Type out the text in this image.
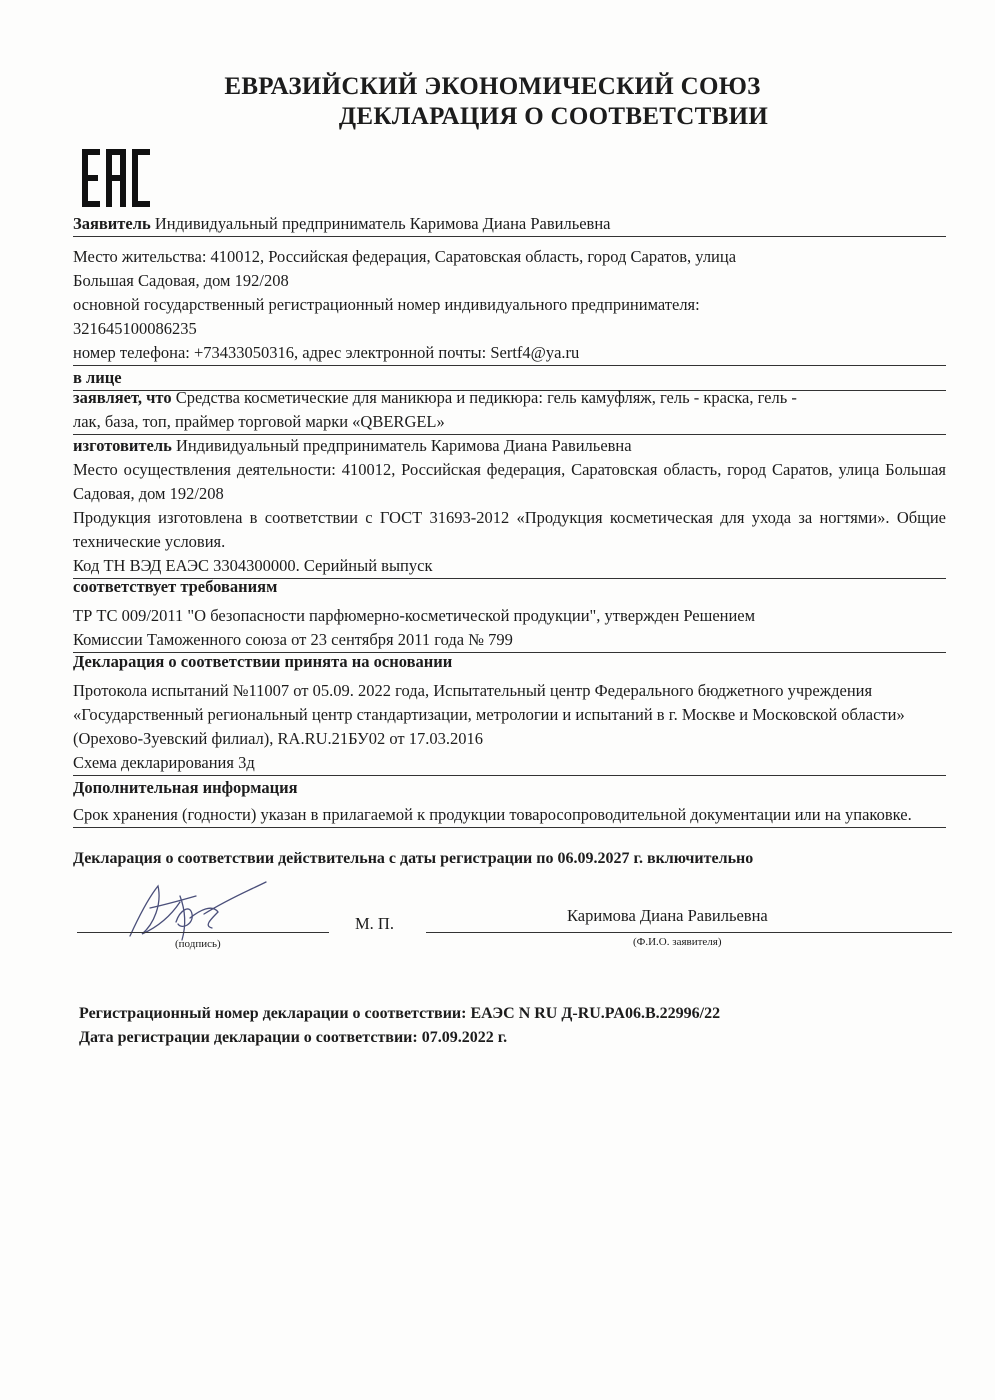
ЕВРАЗИЙСКИЙ ЭКОНОМИЧЕСКИЙ СОЮЗ
ДЕКЛАРАЦИЯ О СООТВЕТСТВИИ
Заявитель Индивидуальный предприниматель Каримова Диана Равильевна
Место жительства: 410012, Российская федерация, Саратовская область, город Саратов, улица
Большая Садовая, дом 192/208
основной государственный регистрационный номер индивидуального предпринимателя:
321645100086235
номер телефона: +73433050316, адрес электронной почты: Sertf4@ya.ru
в лице
заявляет, что Средства косметические для маникюра и педикюра: гель камуфляж, гель - краска, гель -
лак, база, топ, праймер торговой марки «QBERGEL»
изготовитель Индивидуальный предприниматель Каримова Диана Равильевна
Место осуществления деятельности: 410012, Российская федерация, Саратовская область, город Саратов, улица Большая Садовая, дом 192/208
Продукция изготовлена в соответствии с ГОСТ 31693-2012 «Продукция косметическая для ухода за ногтями». Общие технические условия.
Код ТН ВЭД ЕАЭС 3304300000. Серийный выпуск
соответствует требованиям
ТР ТС 009/2011 "О безопасности парфюмерно-косметической продукции", утвержден Решением
Комиссии Таможенного союза от 23 сентября 2011 года № 799
Декларация о соответствии принята на основании
Протокола испытаний №11007 от 05.09. 2022 года, Испытательный центр Федерального бюджетного учреждения «Государственный региональный центр стандартизации, метрологии и испытаний в г. Москве и Московской области» (Орехово-Зуевский филиал), RA.RU.21БУ02 от 17.03.2016
Схема декларирования 3д
Дополнительная информация
Срок хранения (годности) указан в прилагаемой к продукции товаросопроводительной документации или на упаковке.
Декларация о соответствии действительна с даты регистрации по 06.09.2027 г. включительно
(подпись)
М. П.	Каримова Диана Равильевна
(Ф.И.О. заявителя)
Регистрационный номер декларации о соответствии: ЕАЭС N RU Д-RU.PA06.B.22996/22
Дата регистрации декларации о соответствии: 07.09.2022 г.
